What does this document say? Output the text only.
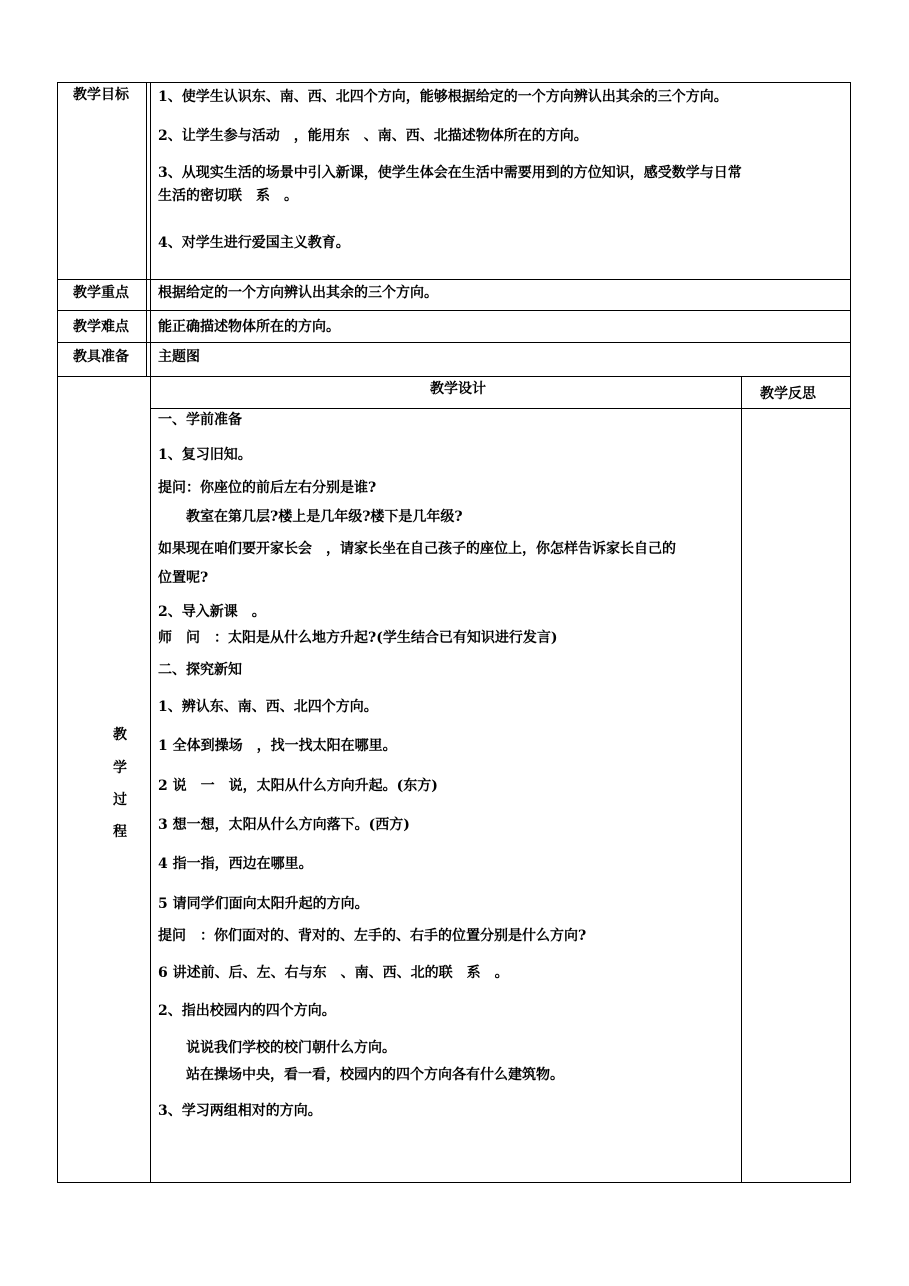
教学目标 1、使学生认识东、南、西、北四个方向，能够根据给定的一个方向辨认出其余的三个方向。
2、让学生参与活动　，能用东　、南、西、北描述物体所在的方向。
3、从现实生活的场景中引入新课，使学生体会在生活中需要用到的方位知识，感受数学与日常
生活的密切联　系　。
4、对学生进行爱国主义教育。
教学重点 根据给定的一个方向辨认出其余的三个方向。
教学难点 能正确描述物体所在的方向。
教具准备 主题图
教学设计	教学反思
教
学
过
程
一、学前准备
1、复习旧知。
提问：你座位的前后左右分别是谁?
　　教室在第几层?楼上是几年级?楼下是几年级?
如果现在咱们要开家长会　，请家长坐在自己孩子的座位上，你怎样告诉家长自己的
位置呢?
2、导入新课　。
师　问　：太阳是从什么地方升起?(学生结合已有知识进行发言)
二、探究新知
1、辨认东、南、西、北四个方向。
1 全体到操场　，找一找太阳在哪里。
2 说　一　说，太阳从什么方向升起。(东方)
3 想一想，太阳从什么方向落下。(西方)
4 指一指，西边在哪里。
5 请同学们面向太阳升起的方向。
提问　：你们面对的、背对的、左手的、右手的位置分别是什么方向?
6 讲述前、后、左、右与东　、南、西、北的联　系　。
2、指出校园内的四个方向。
　　说说我们学校的校门朝什么方向。
　　站在操场中央，看一看，校园内的四个方向各有什么建筑物。
3、学习两组相对的方向。
